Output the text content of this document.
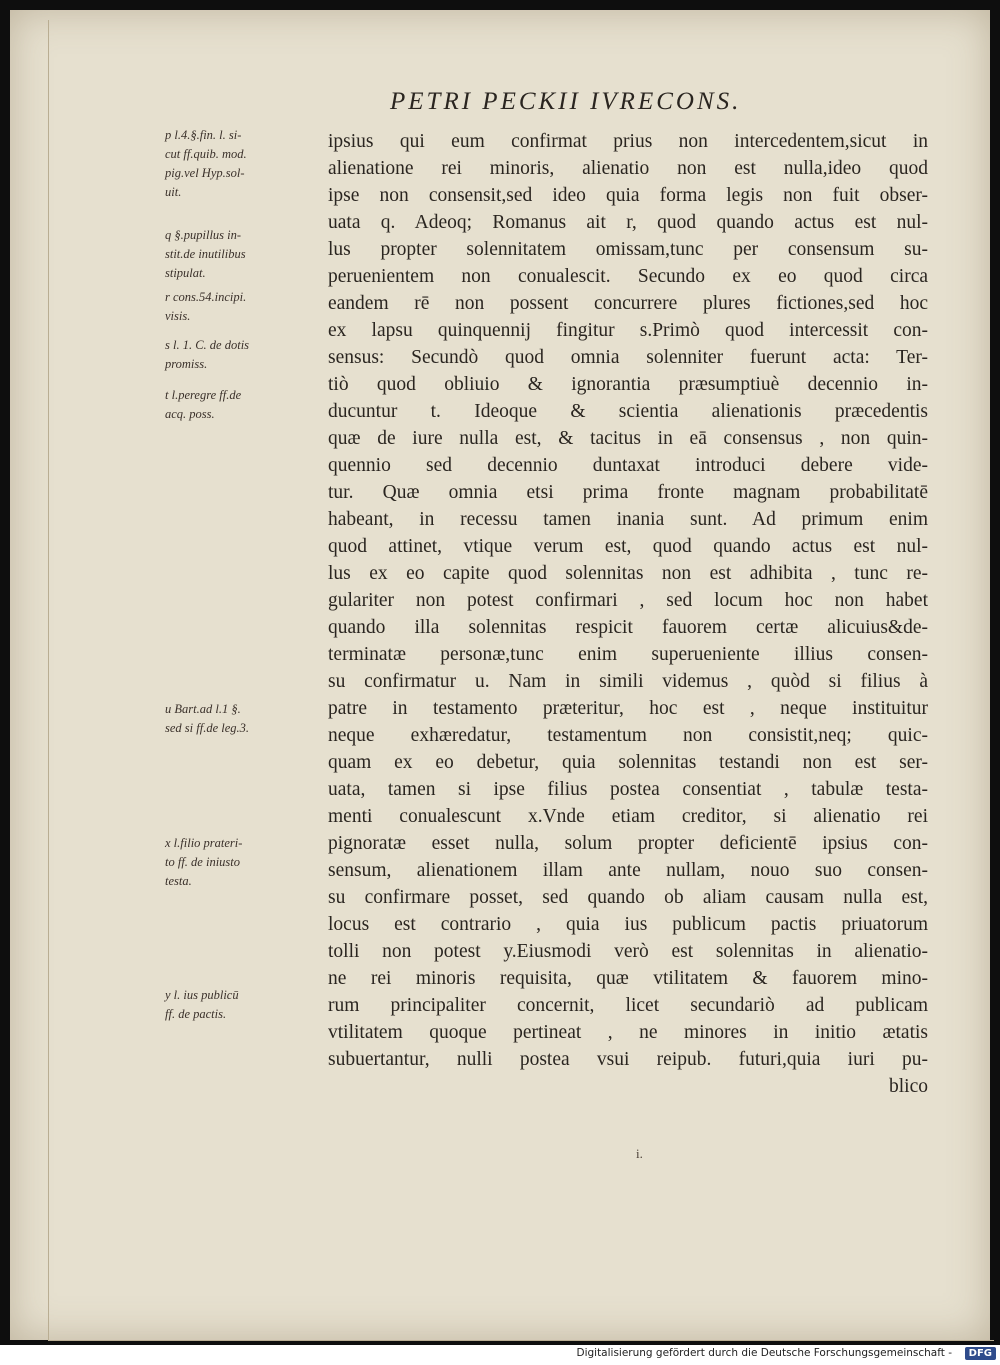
PETRI PECKII IVRECONS.
p l.4.§.fin. l. si-
cut ff.quib. mod.
pig.vel Hyp.sol-
uit.
q §.pupillus in-
stit.de inutilibus
stipulat.
r cons.54.incipi.
visis.
s l. 1. C. de dotis
promiss.
t l.peregre ff.de
acq. poss.
u Bart.ad l.1 §.
sed si ff.de leg.3.
x l.filio prateri-
to ff. de iniusto
testa.
y l. ius publicū
ff. de pactis.
ipsius qui eum confirmat prius non intercedentem,sicut in
alienatione rei minoris, alienatio non est nulla,ideo quod
ipse non consensit,sed ideo quia forma legis non fuit obser-
uata q. Adeoq; Romanus ait r, quod quando actus est nul-
lus propter solennitatem omissam,tunc per consensum su-
peruenientem non conualescit. Secundo ex eo quod circa
eandem rē non possent concurrere plures fictiones,sed hoc
ex lapsu quinquennij fingitur s.Primò quod intercessit con-
sensus: Secundò quod omnia solenniter fuerunt acta: Ter-
tiò quod obliuio & ignorantia præsumptiuè decennio in-
ducuntur t. Ideoque & scientia alienationis præcedentis
quæ de iure nulla est, & tacitus in eā consensus , non quin-
quennio sed decennio duntaxat introduci debere vide-
tur. Quæ omnia etsi prima fronte magnam probabilitatē
habeant, in recessu tamen inania sunt. Ad primum enim
quod attinet, vtique verum est, quod quando actus est nul-
lus ex eo capite quod solennitas non est adhibita , tunc re-
gulariter non potest confirmari , sed locum hoc non habet
quando illa solennitas respicit fauorem certæ alicuius&de-
terminatæ personæ,tunc enim superueniente illius consen-
su confirmatur u. Nam in simili videmus , quòd si filius à
patre in testamento præteritur, hoc est , neque instituitur
neque exhæredatur, testamentum non consistit,neq; quic-
quam ex eo debetur, quia solennitas testandi non est ser-
uata, tamen si ipse filius postea consentiat , tabulæ testa-
menti conualescunt x.Vnde etiam creditor, si alienatio rei
pignoratæ esset nulla, solum propter deficientē ipsius con-
sensum, alienationem illam ante nullam, nouo suo consen-
su confirmare posset, sed quando ob aliam causam nulla est,
locus est contrario , quia ius publicum pactis priuatorum
tolli non potest y.Eiusmodi verò est solennitas in alienatio-
ne rei minoris requisita, quæ vtilitatem & fauorem mino-
rum principaliter concernit, licet secundariò ad publicam
vtilitatem quoque pertineat , ne minores in initio ætatis
subuertantur, nulli postea vsui reipub. futuri,quia iuri pu-
blico
i.
Digitalisierung gefördert durch die Deutsche Forschungsgemeinschaft -	DFG
